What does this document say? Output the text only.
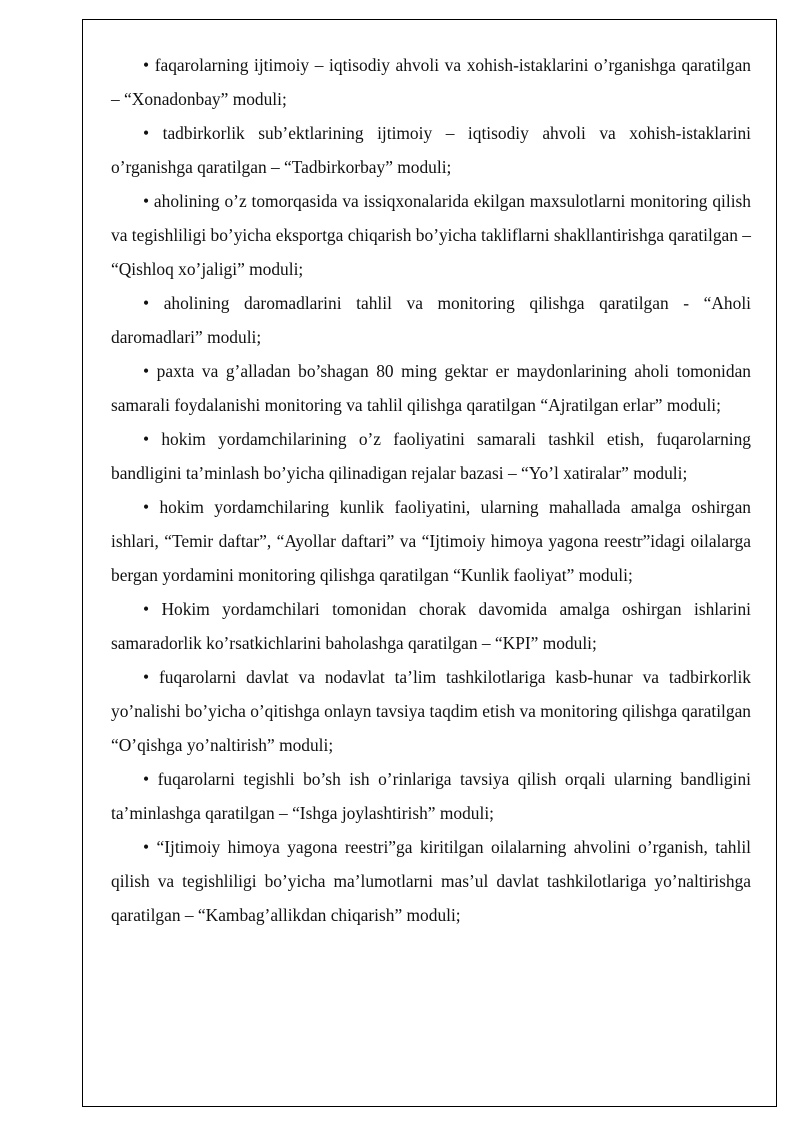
• faqarolarning ijtimoiy – iqtisodiy ahvoli va xohish-istaklarini o’rganishga qaratilgan – “Xonadonbay” moduli;

• tadbirkorlik sub’ektlarining ijtimoiy – iqtisodiy ahvoli va xohish-istaklarini o’rganishga qaratilgan – “Tadbirkorbay” moduli;

• aholining o’z tomorqasida va issiqxonalarida ekilgan maxsulotlarni monitoring qilish va tegishliligi bo’yicha eksportga chiqarish bo’yicha takliflarni shakllantirishga qaratilgan – “Qishloq xo’jaligi” moduli;

• aholining daromadlarini tahlil va monitoring qilishga qaratilgan - “Aholi daromadlari” moduli;

• paxta va g’alladan bo’shagan 80 ming gektar er maydonlarining aholi tomonidan samarali foydalanishi monitoring va tahlil qilishga qaratilgan “Ajratilgan erlar” moduli;

• hokim yordamchilarining o’z faoliyatini samarali tashkil etish, fuqarolarning bandligini ta’minlash bo’yicha qilinadigan rejalar bazasi – “Yo’l xatiralar” moduli;

• hokim yordamchilaring kunlik faoliyatini, ularning mahallada amalga oshirgan ishlari, “Temir daftar”, “Ayollar daftari” va “Ijtimoiy himoya yagona reestr”idagi oilalarga bergan yordamini monitoring qilishga qaratilgan “Kunlik faoliyat” moduli;

• Hokim yordamchilari tomonidan chorak davomida amalga oshirgan ishlarini samaradorlik ko’rsatkichlarini baholashga qaratilgan – “KPI” moduli;

• fuqarolarni davlat va nodavlat ta’lim tashkilotlariga kasb-hunar va tadbirkorlik yo’nalishi bo’yicha o’qitishga onlayn tavsiya taqdim etish va monitoring qilishga qaratilgan “O’qishga yo’naltirish” moduli;

• fuqarolarni tegishli bo’sh ish o’rinlariga tavsiya qilish orqali ularning bandligini ta’minlashga qaratilgan – “Ishga joylashtirish” moduli;

• “Ijtimoiy himoya yagona reestri”ga kiritilgan oilalarning ahvolini o’rganish, tahlil qilish va tegishliligi bo’yicha ma’lumotlarni mas’ul davlat tashkilotlariga yo’naltirishga qaratilgan – “Kambag’allikdan chiqarish” moduli;
